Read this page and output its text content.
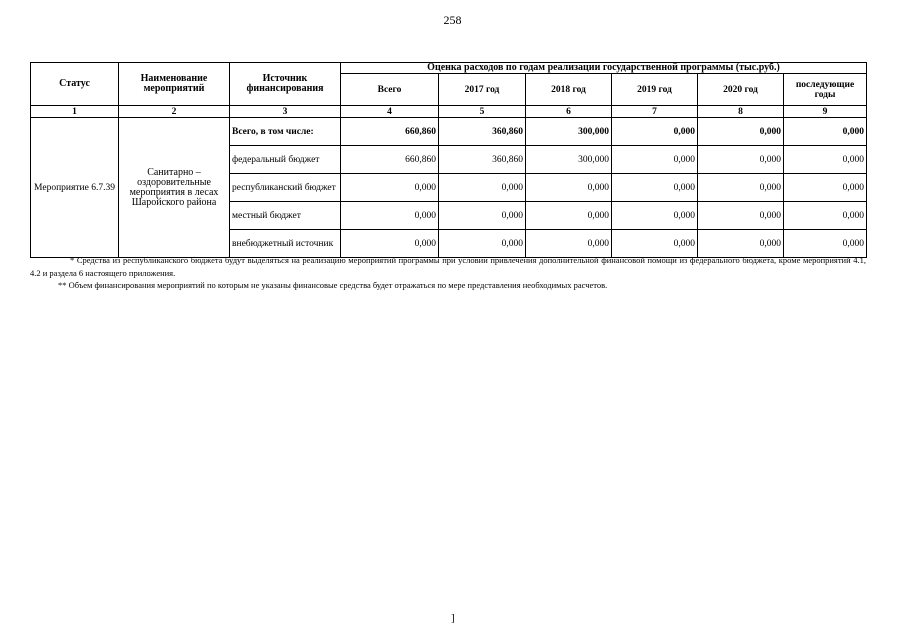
258
Статус	Наименование мероприятий	Источник финансирования	Оценка расходов по годам реализации государственной программы (тыс.руб.)					
			Всего	2017 год	2018 год	2019 год	2020 год	последующие годы
1	2	3	4	5	6	7	8	9
Мероприятие 6.7.39	Санитарно – оздоровительные мероприятия в лесах Шаройского района	Всего, в том числе:	660,860	360,860	300,000	0,000	0,000	0,000
		федеральный бюджет	660,860	360,860	300,000	0,000	0,000	0,000
		республиканский бюджет	0,000	0,000	0,000	0,000	0,000	0,000
		местный бюджет	0,000	0,000	0,000	0,000	0,000	0,000
		внебюджетный источник	0,000	0,000	0,000	0,000	0,000	0,000

* Средства из республиканского бюджета будут выделяться на реализацию мероприятий программы при условии привлечения дополнительной финансовой помощи из федерального бюджета, кроме мероприятий 4.1, 4.2 и раздела 6 настоящего приложения.

** Объем финансирования мероприятий по которым не указаны финансовые средства будет отражаться по мере представления необходимых расчетов.

]
